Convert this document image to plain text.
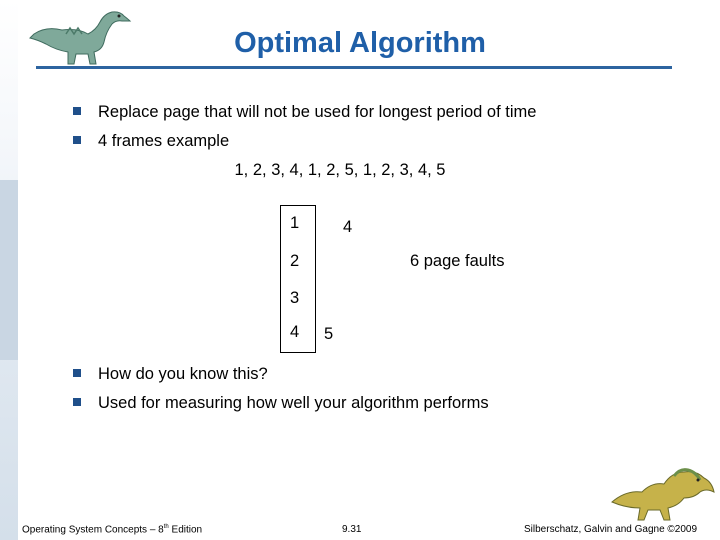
Optimal Algorithm
Replace page that will not be used for longest period of time
4 frames example
1, 2, 3, 4, 1, 2, 5, 1, 2, 3, 4, 5
1
2
3
4
4
6 page faults
5
How do you know this?
Used for measuring how well your algorithm performs
Operating System Concepts – 8th Edition	9.31	Silberschatz, Galvin and Gagne ©2009
